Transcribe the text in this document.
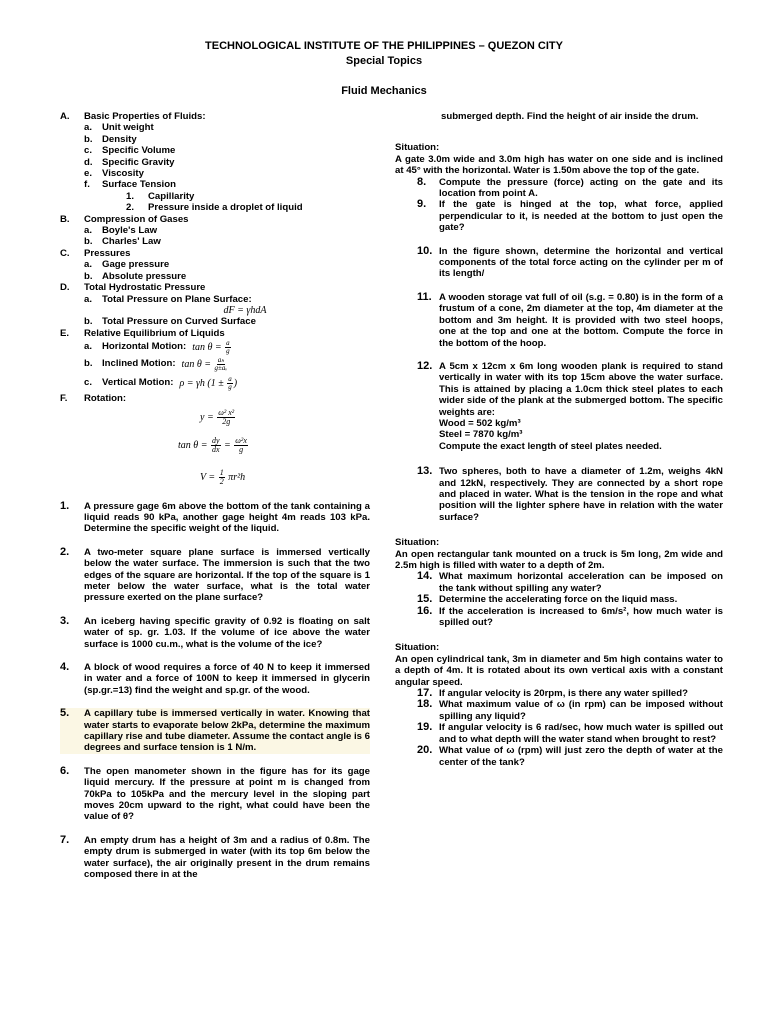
TECHNOLOGICAL INSTITUTE OF THE PHILIPPINES – QUEZON CITY
Special Topics
Fluid Mechanics
A.	Basic Properties of Fluids:
a.	Unit weight
b. Density
c.	Specific Volume
d. Specific Gravity
e.	Viscosity
f.	Surface Tension
1.	Capillarity
2.	Pressure inside a droplet of liquid
B.	Compression of Gases
a.	Boyle's Law
b. Charles' Law
C.	Pressures
a.	Gage pressure
b. Absolute pressure
D.	Total Hydrostatic Pressure
a.	Total Pressure on Plane Surface:
dF = γhdA
b. Total Pressure on Curved Surface
E.	Relative Equilibrium of Liquids
a.	Horizontal Motion: $\tan \theta = \frac{a}{g}$
b. Inclined Motion: $\tan \theta = \frac{\text{aₕ}}{\text{g±aᵥ}}$
c.	Vertical Motion: ρ = γh ($1 \pm \frac{a}{g}$ )
F.	Rotation:
$y = \frac{\text{ω² x²}}{2g}$
$\tan \theta = \frac{dy}{dx} = \frac{\text{ω²x}}{g}$
$V = \frac{1}{2} \pi r^2h$
1.	A pressure gage 6m above the bottom of the tank containing a liquid reads 90 kPa, another gage height 4m reads 103 kPa. Determine the specific weight of the liquid.
2.	A two-meter square plane surface is immersed vertically below the water surface. The immersion is such that the two edges of the square are horizontal. If the top of the square is 1 meter below the water surface, what is the total water pressure exerted on the plane surface?
3.	An iceberg having specific gravity of 0.92 is floating on salt water of sp. gr. 1.03. If the volume of ice above the water surface is 1000 cu.m., what is the volume of the ice?
4.	A block of wood requires a force of 40 N to keep it immersed in water and a force of 100N to keep it immersed in glycerin (sp.gr.=13) find the weight and sp.gr. of the wood.
5.	A capillary tube is immersed vertically in water. Knowing that water starts to evaporate below 2kPa, determine the maximum capillary rise and tube diameter. Assume the contact angle is 6 degrees and surface tension is 1 N/m.
6.	The open manometer shown in the figure has for its gage liquid mercury. If the pressure at point m is changed from 70kPa to 105kPa and the mercury level in the sloping part moves 20cm upward to the right, what could have been the value of θ?
7.	An empty drum has a height of 3m and a radius of 0.8m. The empty drum is submerged in water (with its top 6m below the water surface), the air originally present in the drum remains composed there in at the
submerged depth. Find the height of air inside the drum.
Situation:
A gate 3.0m wide and 3.0m high has water on one side and is inclined at 45° with the horizontal. Water is 1.50m above the top of the gate.
8.	Compute the pressure (force) acting on the gate and its location from point A.
9.	If the gate is hinged at the top, what force, applied perpendicular to it, is needed at the bottom to just open the gate?
10. In the figure shown, determine the horizontal and vertical components of the total force acting on the cylinder per m of its length/
11. A wooden storage vat full of oil (s.g. = 0.80) is in the form of a frustum of a cone, 2m diameter at the top, 4m diameter at the bottom and 3m height. It is provided with two steel hoops, one at the top and one at the bottom. Compute the force in the bottom of the hoop.
12. A 5cm x 12cm x 6m long wooden plank is required to stand vertically in water with its top 15cm above the water surface. This is attained by placing a 1.0cm thick steel plates to each wider side of the plank at the submerged bottom. The specific weights are:
Wood = 502 kg/m³
Steel = 7870 kg/m³
Compute the exact length of steel plates needed.
13. Two spheres, both to have a diameter of 1.2m, weighs 4kN and 12kN, respectively. They are connected by a short rope and placed in water. What is the tension in the rope and what position will the lighter sphere have in relation with the water surface?
Situation:
An open rectangular tank mounted on a truck is 5m long, 2m wide and 2.5m high is filled with water to a depth of 2m.
14. What maximum horizontal acceleration can be imposed on the tank without spilling any water?
15. Determine the accelerating force on the liquid mass.
16. If the acceleration is increased to 6m/s², how much water is spilled out?
Situation:
An open cylindrical tank, 3m in diameter and 5m high contains water to a depth of 4m. It is rotated about its own vertical axis with a constant angular speed.
17. If angular velocity is 20rpm, is there any water spilled?
18. What maximum value of ω (in rpm) can be imposed without spilling any liquid?
19. If angular velocity is 6 rad/sec, how much water is spilled out and to what depth will the water stand when brought to rest?
20. What value of ω (rpm) will just zero the depth of water at the center of the tank?
